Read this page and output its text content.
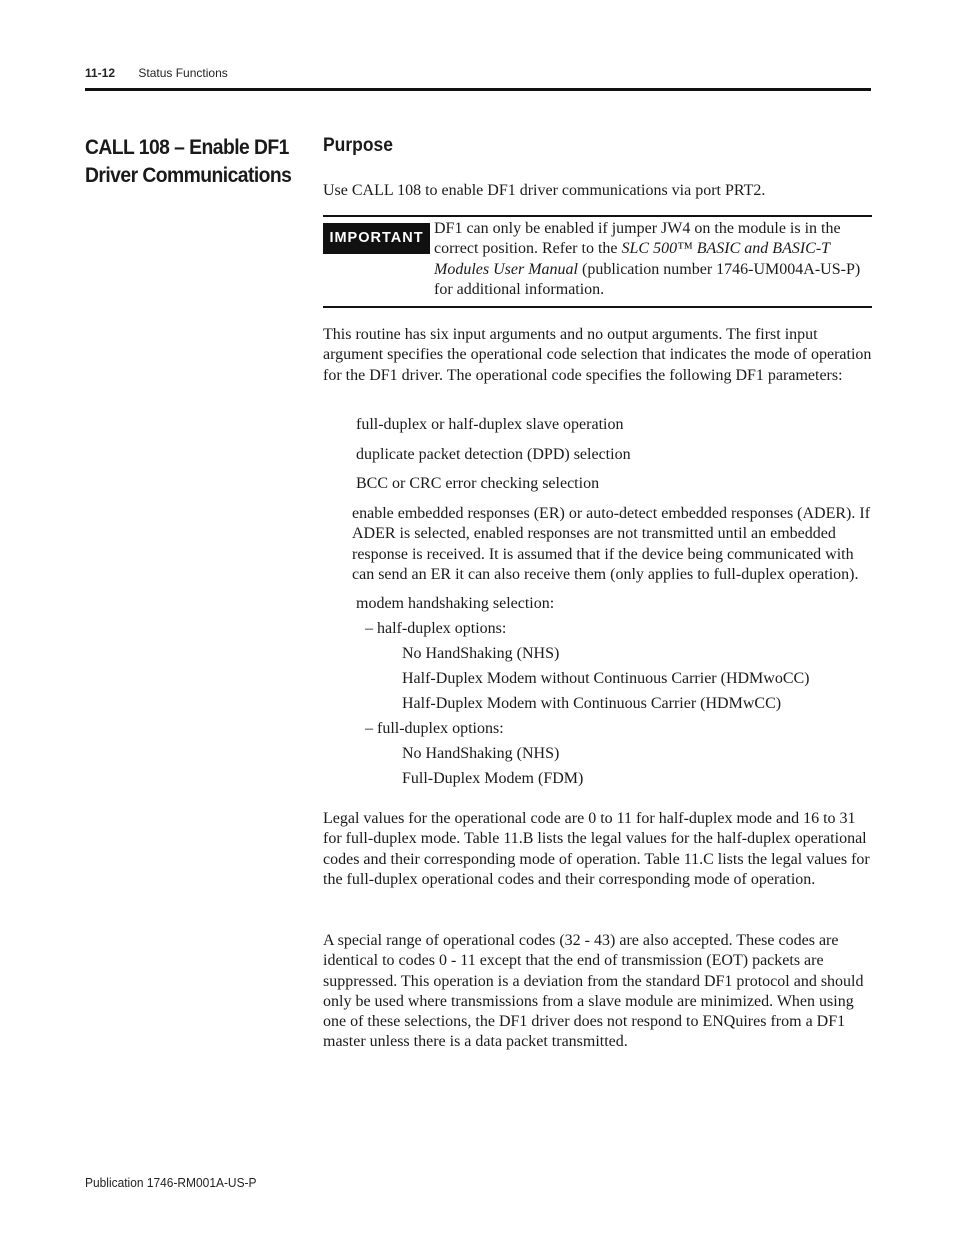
11-12 Status Functions
CALL 108 – Enable DF1 Driver Communications
Purpose
Use CALL 108 to enable DF1 driver communications via port PRT2.
IMPORTANT
DF1 can only be enabled if jumper JW4 on the module is in the correct position. Refer to the SLC 500™ BASIC and BASIC-T Modules User Manual (publication number 1746-UM004A-US-P) for additional information.
This routine has six input arguments and no output arguments. The first input argument specifies the operational code selection that indicates the mode of operation for the DF1 driver. The operational code specifies the following DF1 parameters:
full-duplex or half-duplex slave operation
duplicate packet detection (DPD) selection
BCC or CRC error checking selection
enable embedded responses (ER) or auto-detect embedded responses (ADER). If ADER is selected, enabled responses are not transmitted until an embedded response is received. It is assumed that if the device being communicated with can send an ER it can also receive them (only applies to full-duplex operation).
modem handshaking selection:
– half-duplex options:
No HandShaking (NHS)
Half-Duplex Modem without Continuous Carrier (HDMwoCC)
Half-Duplex Modem with Continuous Carrier (HDMwCC)
– full-duplex options:
No HandShaking (NHS)
Full-Duplex Modem (FDM)
Legal values for the operational code are 0 to 11 for half-duplex mode and 16 to 31 for full-duplex mode. Table 11.B lists the legal values for the half-duplex operational codes and their corresponding mode of operation. Table 11.C lists the legal values for the full-duplex operational codes and their corresponding mode of operation.
A special range of operational codes (32 - 43) are also accepted. These codes are identical to codes 0 - 11 except that the end of transmission (EOT) packets are suppressed. This operation is a deviation from the standard DF1 protocol and should only be used where transmissions from a slave module are minimized. When using one of these selections, the DF1 driver does not respond to ENQuires from a DF1 master unless there is a data packet transmitted.
Publication 1746-RM001A-US-P
